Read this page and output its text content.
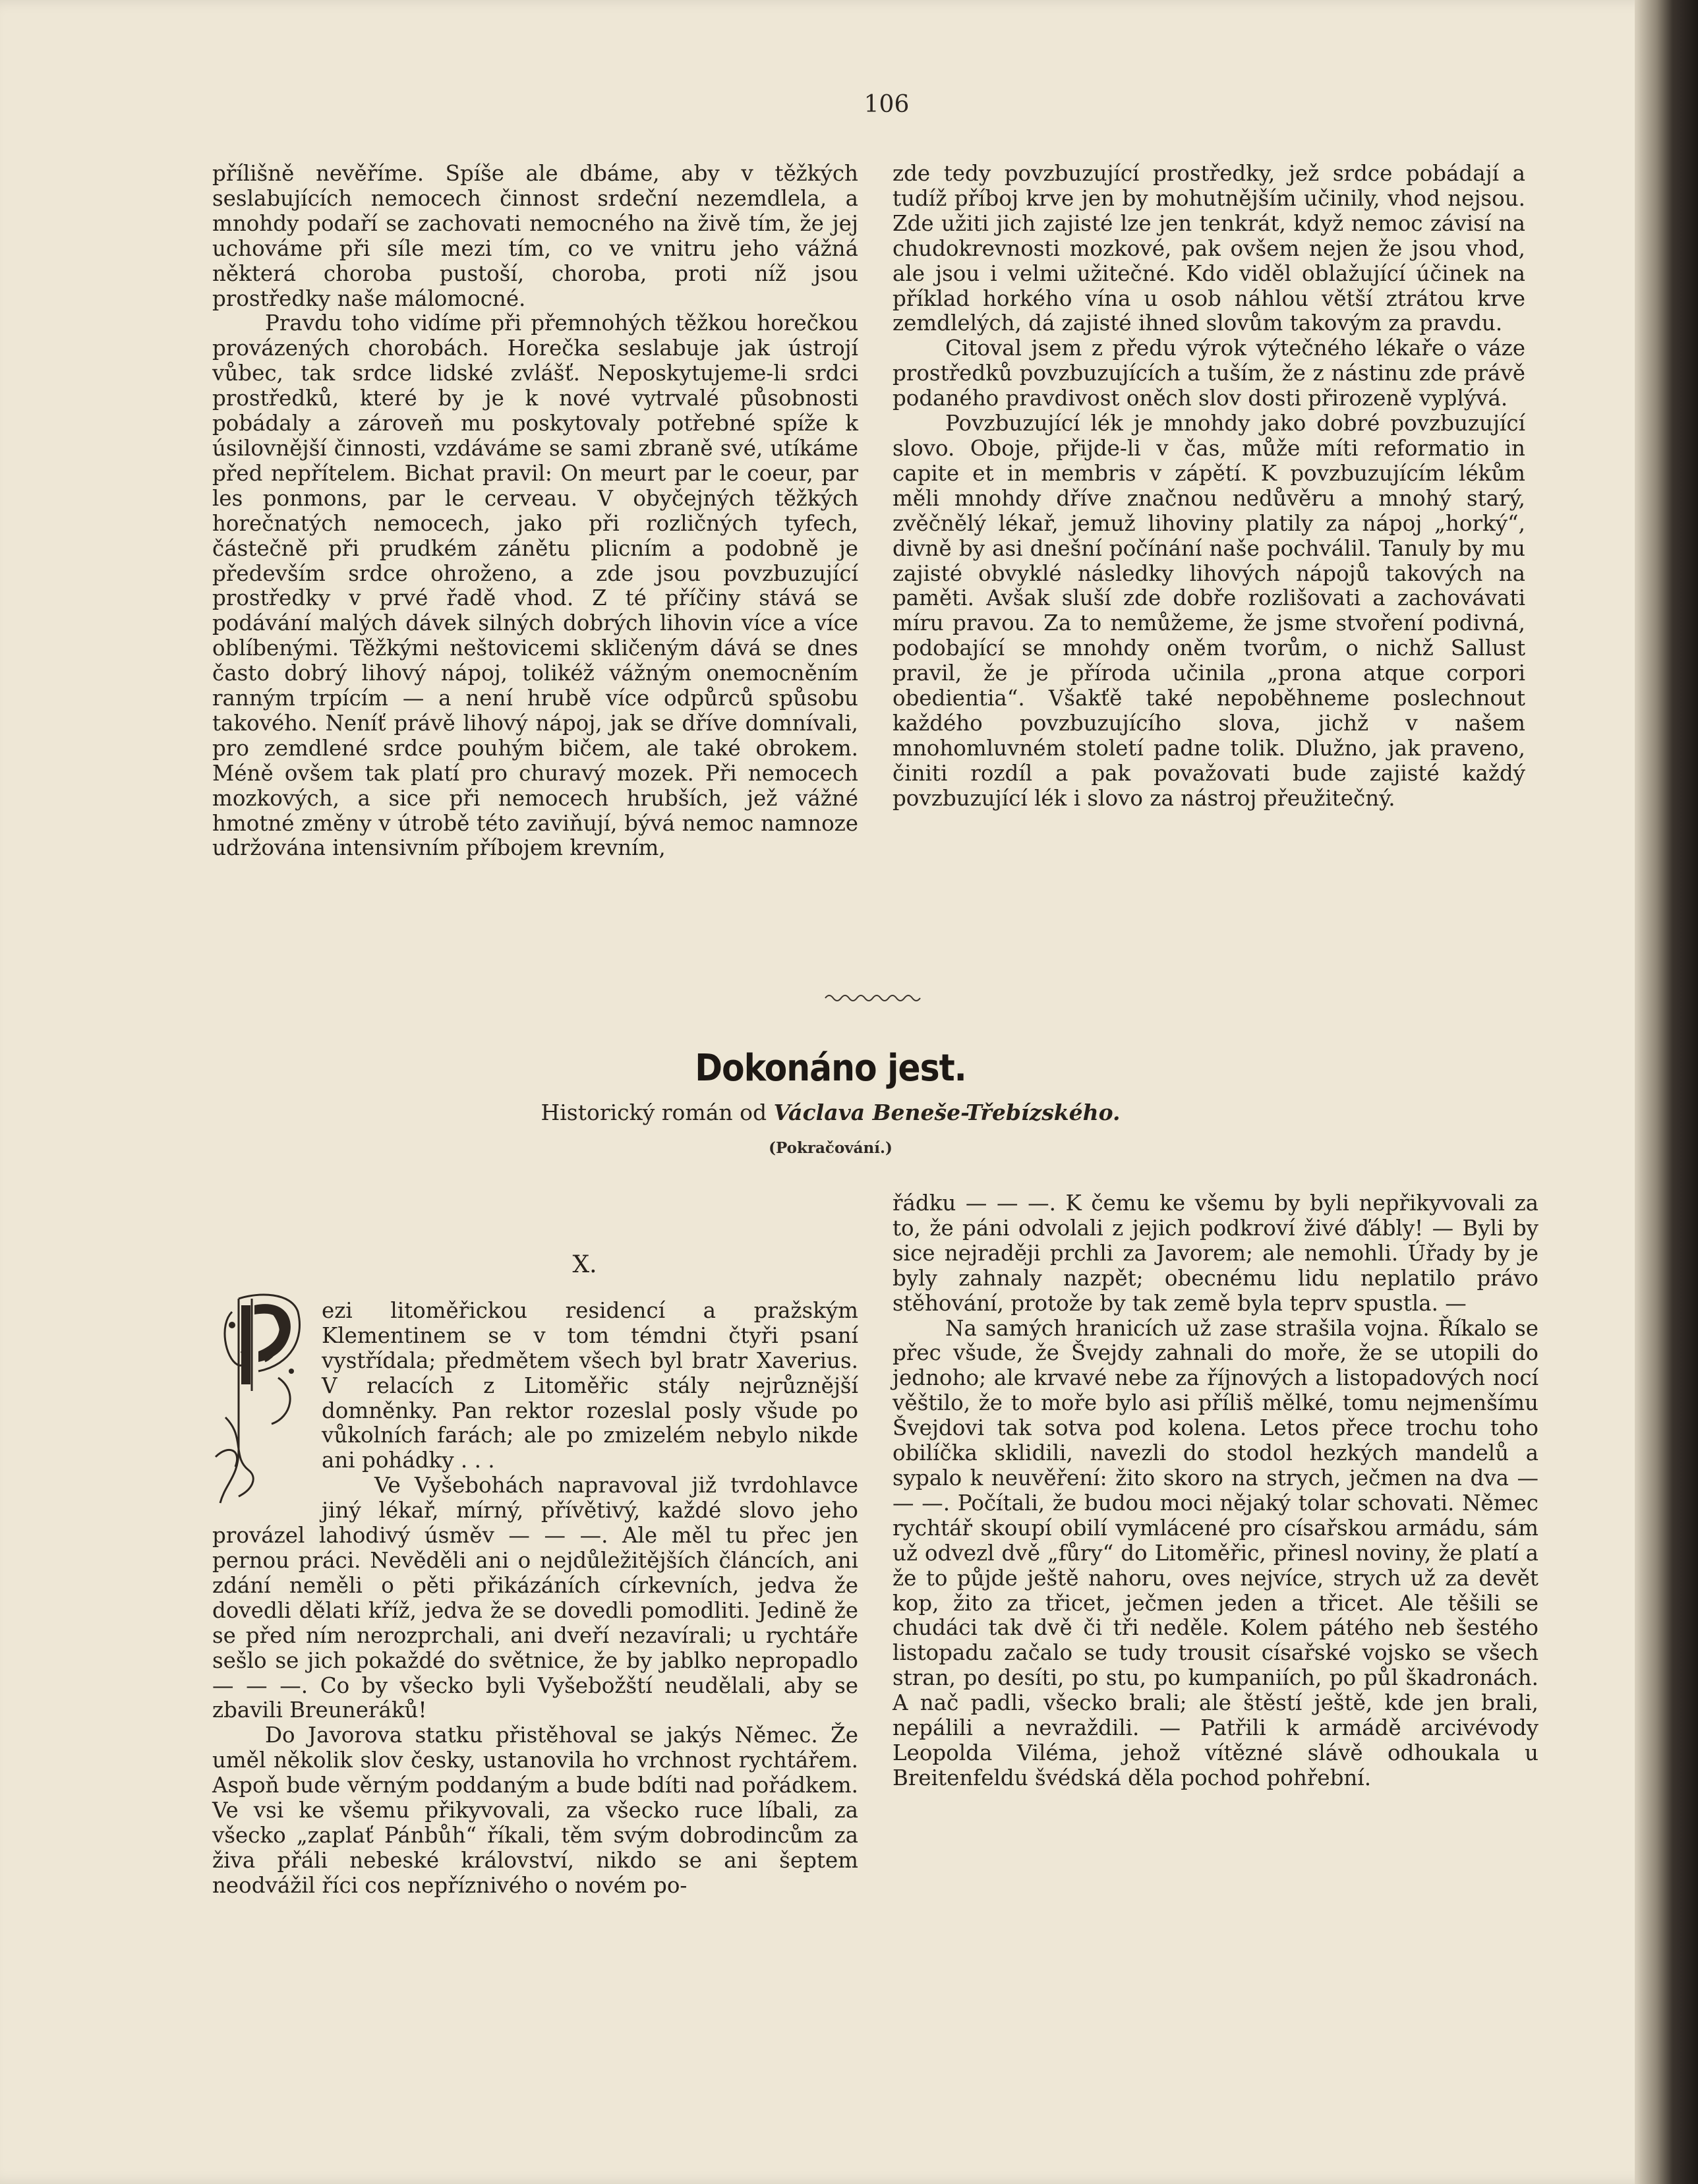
106

přílišně nevěříme. Spíše ale dbáme, aby v těžkých seslabujících nemocech činnost srdeční nezemdlela, a mnohdy podaří se zachovati nemocného na živě tím, že jej uchováme při síle mezi tím, co ve vnitru jeho vážná některá choroba pustoší, choroba, proti níž jsou prostředky naše málomocné.

Pravdu toho vidíme při přemnohých těžkou horečkou provázených chorobách. Horečka seslabuje jak ústrojí vůbec, tak srdce lidské zvlášť. Neposkytujeme-li srdci prostředků, které by je k nové vytrvalé působnosti pobádaly a zároveň mu poskytovaly potřebné spíže k úsilovnější činnosti, vzdáváme se sami zbraně své, utíkáme před nepřítelem. Bichat pravil: On meurt par le coeur, par les ponmons, par le cerveau. V obyčejných těžkých horečnatých nemocech, jako při rozličných tyfech, částečně při prudkém zánětu plicním a podobně je především srdce ohroženo, a zde jsou povzbuzující prostředky v prvé řadě vhod. Z té příčiny stává se podávání malých dávek silných dobrých lihovin více a více oblíbenými. Těžkými neštovicemi skličeným dává se dnes často dobrý lihový nápoj, tolikéž vážným onemocněním ranným trpícím — a není hrubě více odpůrců spůsobu takového. Neníť právě lihový nápoj, jak se dříve domnívali, pro zemdlené srdce pouhým bičem, ale také obrokem. Méně ovšem tak platí pro churavý mozek. Při nemocech mozkových, a sice při nemocech hrubších, jež vážné hmotné změny v útrobě této zaviňují, bývá nemoc namnoze udržována intensivním příbojem krevním,

zde tedy povzbuzující prostředky, jež srdce pobádají a tudíž příboj krve jen by mohutnějším učinily, vhod nejsou. Zde užiti jich zajisté lze jen tenkrát, když nemoc závisí na chudokrevnosti mozkové, pak ovšem nejen že jsou vhod, ale jsou i velmi užitečné. Kdo viděl oblažující účinek na příklad horkého vína u osob náhlou větší ztrátou krve zemdlelých, dá zajisté ihned slovům takovým za pravdu.

Citoval jsem z předu výrok výtečného lékaře o váze prostředků povzbuzujících a tuším, že z nástinu zde právě podaného pravdivost oněch slov dosti přirozeně vyplývá.

Povzbuzující lék je mnohdy jako dobré povzbuzující slovo. Oboje, přijde-li v čas, může míti reformatio in capite et in membris v zápětí. K povzbuzujícím lékům měli mnohdy dříve značnou nedůvěru a mnohý starý, zvěčnělý lékař, jemuž lihoviny platily za nápoj „horký“, divně by asi dnešní počínání naše pochválil. Tanuly by mu zajisté obvyklé následky lihových nápojů takových na paměti. Avšak sluší zde dobře rozlišovati a zachovávati míru pravou. Za to nemůžeme, že jsme stvoření podivná, podobající se mnohdy oněm tvorům, o nichž Sallust pravil, že je příroda učinila „prona atque corpori obedientia“. Všakťě také nepoběhneme poslechnout každého povzbuzujícího slova, jichž v našem mnohomluvném století padne tolik. Dlužno, jak praveno, činiti rozdíl a pak považovati bude zajisté každý povzbuzující lék i slovo za nástroj přeužitečný.

Dokonáno jest.
Historický román od Václava Beneše-Třebízského.
(Pokračování.)
X.

ezi litoměřickou residencí a pražským Klementinem se v tom témdni čtyři psaní vystřídala; předmětem všech byl bratr Xaverius. V relacích z Litoměřic stály nejrůznější domněnky. Pan rektor rozeslal posly všude po vůkolních farách; ale po zmizelém nebylo nikde ani pohádky . . .

Ve Vyšebohách napravoval již tvrdohlavce jiný lékař, mírný, přívětivý, každé slovo jeho provázel lahodivý úsměv — — —. Ale měl tu přec jen pernou práci. Nevěděli ani o nejdůležitějších článcích, ani zdání neměli o pěti přikázáních církevních, jedva že dovedli dělati kříž, jedva že se dovedli pomodliti. Jedině že se před ním nerozprchali, ani dveří nezavírali; u rychtáře sešlo se jich pokaždé do světnice, že by jablko nepropadlo — — —. Co by všecko byli Vyšebožští neudělali, aby se zbavili Breuneráků!

Do Javorova statku přistěhoval se jakýs Němec. Že uměl několik slov česky, ustanovila ho vrchnost rychtářem. Aspoň bude věrným poddaným a bude bdíti nad pořádkem. Ve vsi ke všemu přikyvovali, za všecko ruce líbali, za všecko „zaplať Pánbůh“ říkali, těm svým dobrodincům za živa přáli nebeské království, nikdo se ani šeptem neodvážil říci cos nepříznivého o novém po-

řádku — — —. K čemu ke všemu by byli nepřikyvovali za to, že páni odvolali z jejich podkroví živé ďábly! — Byli by sice nejraději prchli za Javorem; ale nemohli. Úřady by je byly zahnaly nazpět; obecnému lidu neplatilo právo stěhování, protože by tak země byla teprv spustla. —

Na samých hranicích už zase strašila vojna. Říkalo se přec všude, že Švejdy zahnali do moře, že se utopili do jednoho; ale krvavé nebe za říjnových a listopadových nocí věštilo, že to moře bylo asi příliš mělké, tomu nejmenšímu Švejdovi tak sotva pod kolena. Letos přece trochu toho obilíčka sklidili, navezli do stodol hezkých mandelů a sypalo k neuvěření: žito skoro na strych, ječmen na dva — — —. Počítali, že budou moci nějaký tolar schovati. Němec rychtář skoupí obilí vymlácené pro císařskou armádu, sám už odvezl dvě „fůry“ do Litoměřic, přinesl noviny, že platí a že to půjde ještě nahoru, oves nejvíce, strych už za devět kop, žito za třicet, ječmen jeden a třicet. Ale těšili se chudáci tak dvě či tři neděle. Kolem pátého neb šestého listopadu začalo se tudy trousit císařské vojsko se všech stran, po desíti, po stu, po kumpaniích, po půl škadronách. A nač padli, všecko brali; ale štěstí ještě, kde jen brali, nepálili a nevraždili. — Patřili k armádě arcivévody Leopolda Viléma, jehož vítězné slávě odhoukala u Breitenfeldu švédská děla pochod pohřební.
